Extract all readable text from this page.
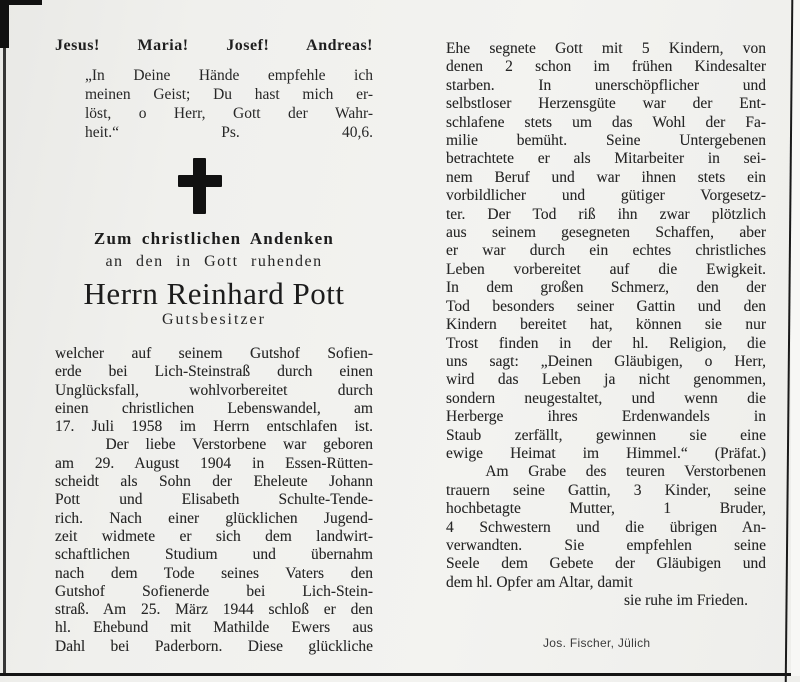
Jesus! Maria! Josef! Andreas!
„In Deine Hände empfehle ich
meinen Geist; Du hast mich er-
löst, o Herr, Gott der Wahr-
heit.“ Ps. 40,6.
Zum christlichen Andenken
an den in Gott ruhenden
Herrn Reinhard Pott
Gutsbesitzer
welcher auf seinem Gutshof Sofien-
erde bei Lich-Steinstraß durch einen
Unglücksfall, wohlvorbereitet durch
einen christlichen Lebenswandel, am
17. Juli 1958 im Herrn entschlafen ist.
Der liebe Verstorbene war geboren
am 29. August 1904 in Essen-Rütten-
scheidt als Sohn der Eheleute Johann
Pott und Elisabeth Schulte-Tende-
rich. Nach einer glücklichen Jugend-
zeit widmete er sich dem landwirt-
schaftlichen Studium und übernahm
nach dem Tode seines Vaters den
Gutshof Sofienerde bei Lich-Stein-
straß. Am 25. März 1944 schloß er den
hl. Ehebund mit Mathilde Ewers aus
Dahl bei Paderborn. Diese glückliche
Ehe segnete Gott mit 5 Kindern, von
denen 2 schon im frühen Kindesalter
starben. In unerschöpflicher und
selbstloser Herzensgüte war der Ent-
schlafene stets um das Wohl der Fa-
milie bemüht. Seine Untergebenen
betrachtete er als Mitarbeiter in sei-
nem Beruf und war ihnen stets ein
vorbildlicher und gütiger Vorgesetz-
ter. Der Tod riß ihn zwar plötzlich
aus seinem gesegneten Schaffen, aber
er war durch ein echtes christliches
Leben vorbereitet auf die Ewigkeit.
In dem großen Schmerz, den der
Tod besonders seiner Gattin und den
Kindern bereitet hat, können sie nur
Trost finden in der hl. Religion, die
uns sagt: „Deinen Gläubigen, o Herr,
wird das Leben ja nicht genommen,
sondern neugestaltet, und wenn die
Herberge ihres Erdenwandels in
Staub zerfällt, gewinnen sie eine
ewige Heimat im Himmel.“ (Präfat.)
Am Grabe des teuren Verstorbenen
trauern seine Gattin, 3 Kinder, seine
hochbetagte Mutter, 1 Bruder,
4 Schwestern und die übrigen An-
verwandten. Sie empfehlen seine
Seele dem Gebete der Gläubigen und
dem hl. Opfer am Altar, damit
sie ruhe im Frieden.
Jos. Fischer, Jülich
